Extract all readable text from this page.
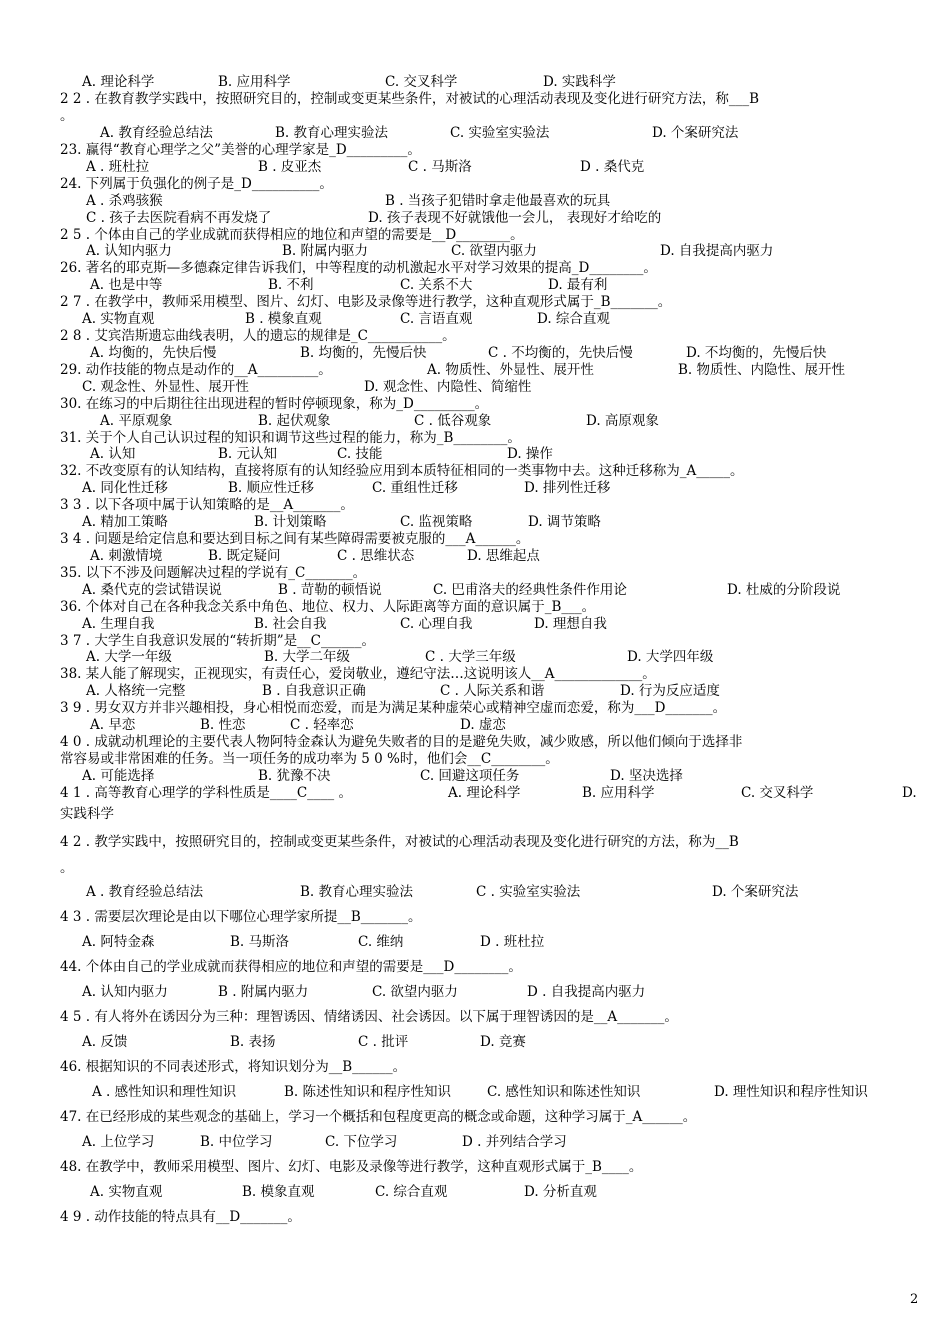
A. 理论科学	B. 应用科学	C. 交叉科学	D. 实践科学
2 2 . 在教育教学实践中，按照研究目的，控制或变更某些条件，对被试的心理活动表现及变化进行研究方法，称___B
。
A. 教育经验总结法	B. 教育心理实验法	C. 实验室实验法	D. 个案研究法
23. 赢得“教育心理学之父”美誉的心理学家是_D_________。
A . 班杜拉	B . 皮亚杰	C . 马斯洛	D . 桑代克
24. 下列属于负强化的例子是_D__________。
A . 杀鸡骇猴	B . 当孩子犯错时拿走他最喜欢的玩具
C . 孩子去医院看病不再发烧了	D. 孩子表现不好就饿他一会儿， 表现好才给吃的
2 5 . 个体由自己的学业成就而获得相应的地位和声望的需要是__D________。
A. 认知内驱力	B. 附属内驱力	C. 欲望内驱力	D. 自我提高内驱力
26. 著名的耶克斯—多德森定律告诉我们，中等程度的动机激起水平对学习效果的提高_D________。
A. 也是中等	B. 不利	C. 关系不大	D. 最有利
2 7 . 在教学中，教师采用模型、图片、幻灯、电影及录像等进行教学，这种直观形式属于_B_______。
A. 实物直观	B . 模象直观	C. 言语直观	D. 综合直观
2 8 . 艾宾浩斯遗忘曲线表明，人的遗忘的规律是_C___________。
A. 均衡的，先快后慢	B. 均衡的，先慢后快	C . 不均衡的，先快后慢	D. 不均衡的，先慢后快
29. 动作技能的物点是动作的__A_________。	A. 物质性、外显性、展开性	B. 物质性、内隐性、展开性
C. 观念性、外显性、展开性	D. 观念性、内隐性、简缩性
30. 在练习的中后期往往出现进程的暂时停顿现象，称为_D_________。
A. 平原观象	B. 起伏观象	C . 低谷观象	D. 高原观象
31. 关于个人自己认识过程的知识和调节这些过程的能力，称为_B________。
A. 认知	B. 元认知	C. 技能	D. 操作
32. 不改变原有的认知结构，直接将原有的认知经验应用到本质特征相同的一类事物中去。这种迁移称为_A_____。
A. 同化性迁移	B. 顺应性迁移	C. 重组性迁移	D. 排列性迁移
3 3 . 以下各项中属于认知策略的是__A_______。
A. 精加工策略	B. 计划策略	C. 监视策略	D. 调节策略
3 4 . 问题是给定信息和要达到目标之间有某些障碍需要被克服的___A______。
A. 刺激情境	B. 既定疑问	C . 思维状态	D. 思维起点
35. 以下不涉及问题解决过程的学说有_C_______。
A. 桑代克的尝试错误说	B . 苛勒的顿悟说	C. 巴甫洛夫的经典性条件作用论	D. 杜威的分阶段说
36. 个体对自己在各种我念关系中角色、地位、权力、人际距离等方面的意识属于_B___。
A. 生理自我	B. 社会自我	C. 心理自我	D. 理想自我
3 7 . 大学生自我意识发展的“转折期”是__C______。
A. 大学一年级	B. 大学二年级	C . 大学三年级	D. 大学四年级
38. 某人能了解现实，正视现实，有责任心，爱岗敬业，遵纪守法…这说明该人__A_____________。
A. 人格统一完整	B . 自我意识正确	C . 人际关系和谐	D. 行为反应适度
3 9 . 男女双方并非兴趣相投，身心相悦而恋爱，而是为满足某种虚荣心或精神空虚而恋爱，称为___D_______。
A. 早恋	B. 性恋	C . 轻率恋	D. 虚恋
4 0 . 成就动机理论的主要代表人物阿特金森认为避免失败者的目的是避免失败，减少败感，所以他们倾向于选择非
常容易或非常困难的任务。当一项任务的成功率为 5 0 %时，他们会__C________。
A. 可能选择	B. 犹豫不决	C. 回避这项任务	D. 坚决选择
4 1 . 高等教育心理学的学科性质是____C____ 。	A. 理论科学	B. 应用科学	C. 交叉科学	D.
实践科学
4 2 . 教学实践中，按照研究目的，控制或变更某些条件，对被试的心理活动表现及变化进行研究的方法，称为__B
。
A . 教育经验总结法	B. 教育心理实验法	C . 实验室实验法	D. 个案研究法
4 3 . 需要层次理论是由以下哪位心理学家所提__B_______。
A. 阿特金森	B. 马斯洛	C. 维纳	D . 班杜拉
44. 个体由自己的学业成就而获得相应的地位和声望的需要是___D________。
A. 认知内驱力	B . 附属内驱力	C. 欲望内驱力	D . 自我提高内驱力
4 5 . 有人将外在诱因分为三种：理智诱因、情绪诱因、社会诱因。以下属于理智诱因的是__A_______。
A. 反馈	B. 表扬	C . 批评	D. 竞赛
46. 根据知识的不同表述形式，将知识划分为__B______。
A . 感性知识和理性知识	B. 陈述性知识和程序性知识	C. 感性知识和陈述性知识	D. 理性知识和程序性知识
47. 在已经形成的某些观念的基础上，学习一个概括和包程度更高的概念或命题，这种学习属于_A______。
A. 上位学习	B. 中位学习	C. 下位学习	D . 并列结合学习
48. 在教学中，教师采用模型、图片、幻灯、电影及录像等进行教学，这种直观形式属于_B____。
A. 实物直观	B. 模象直观	C. 综合直观	D. 分析直观
4 9 . 动作技能的特点具有__D_______。
2
